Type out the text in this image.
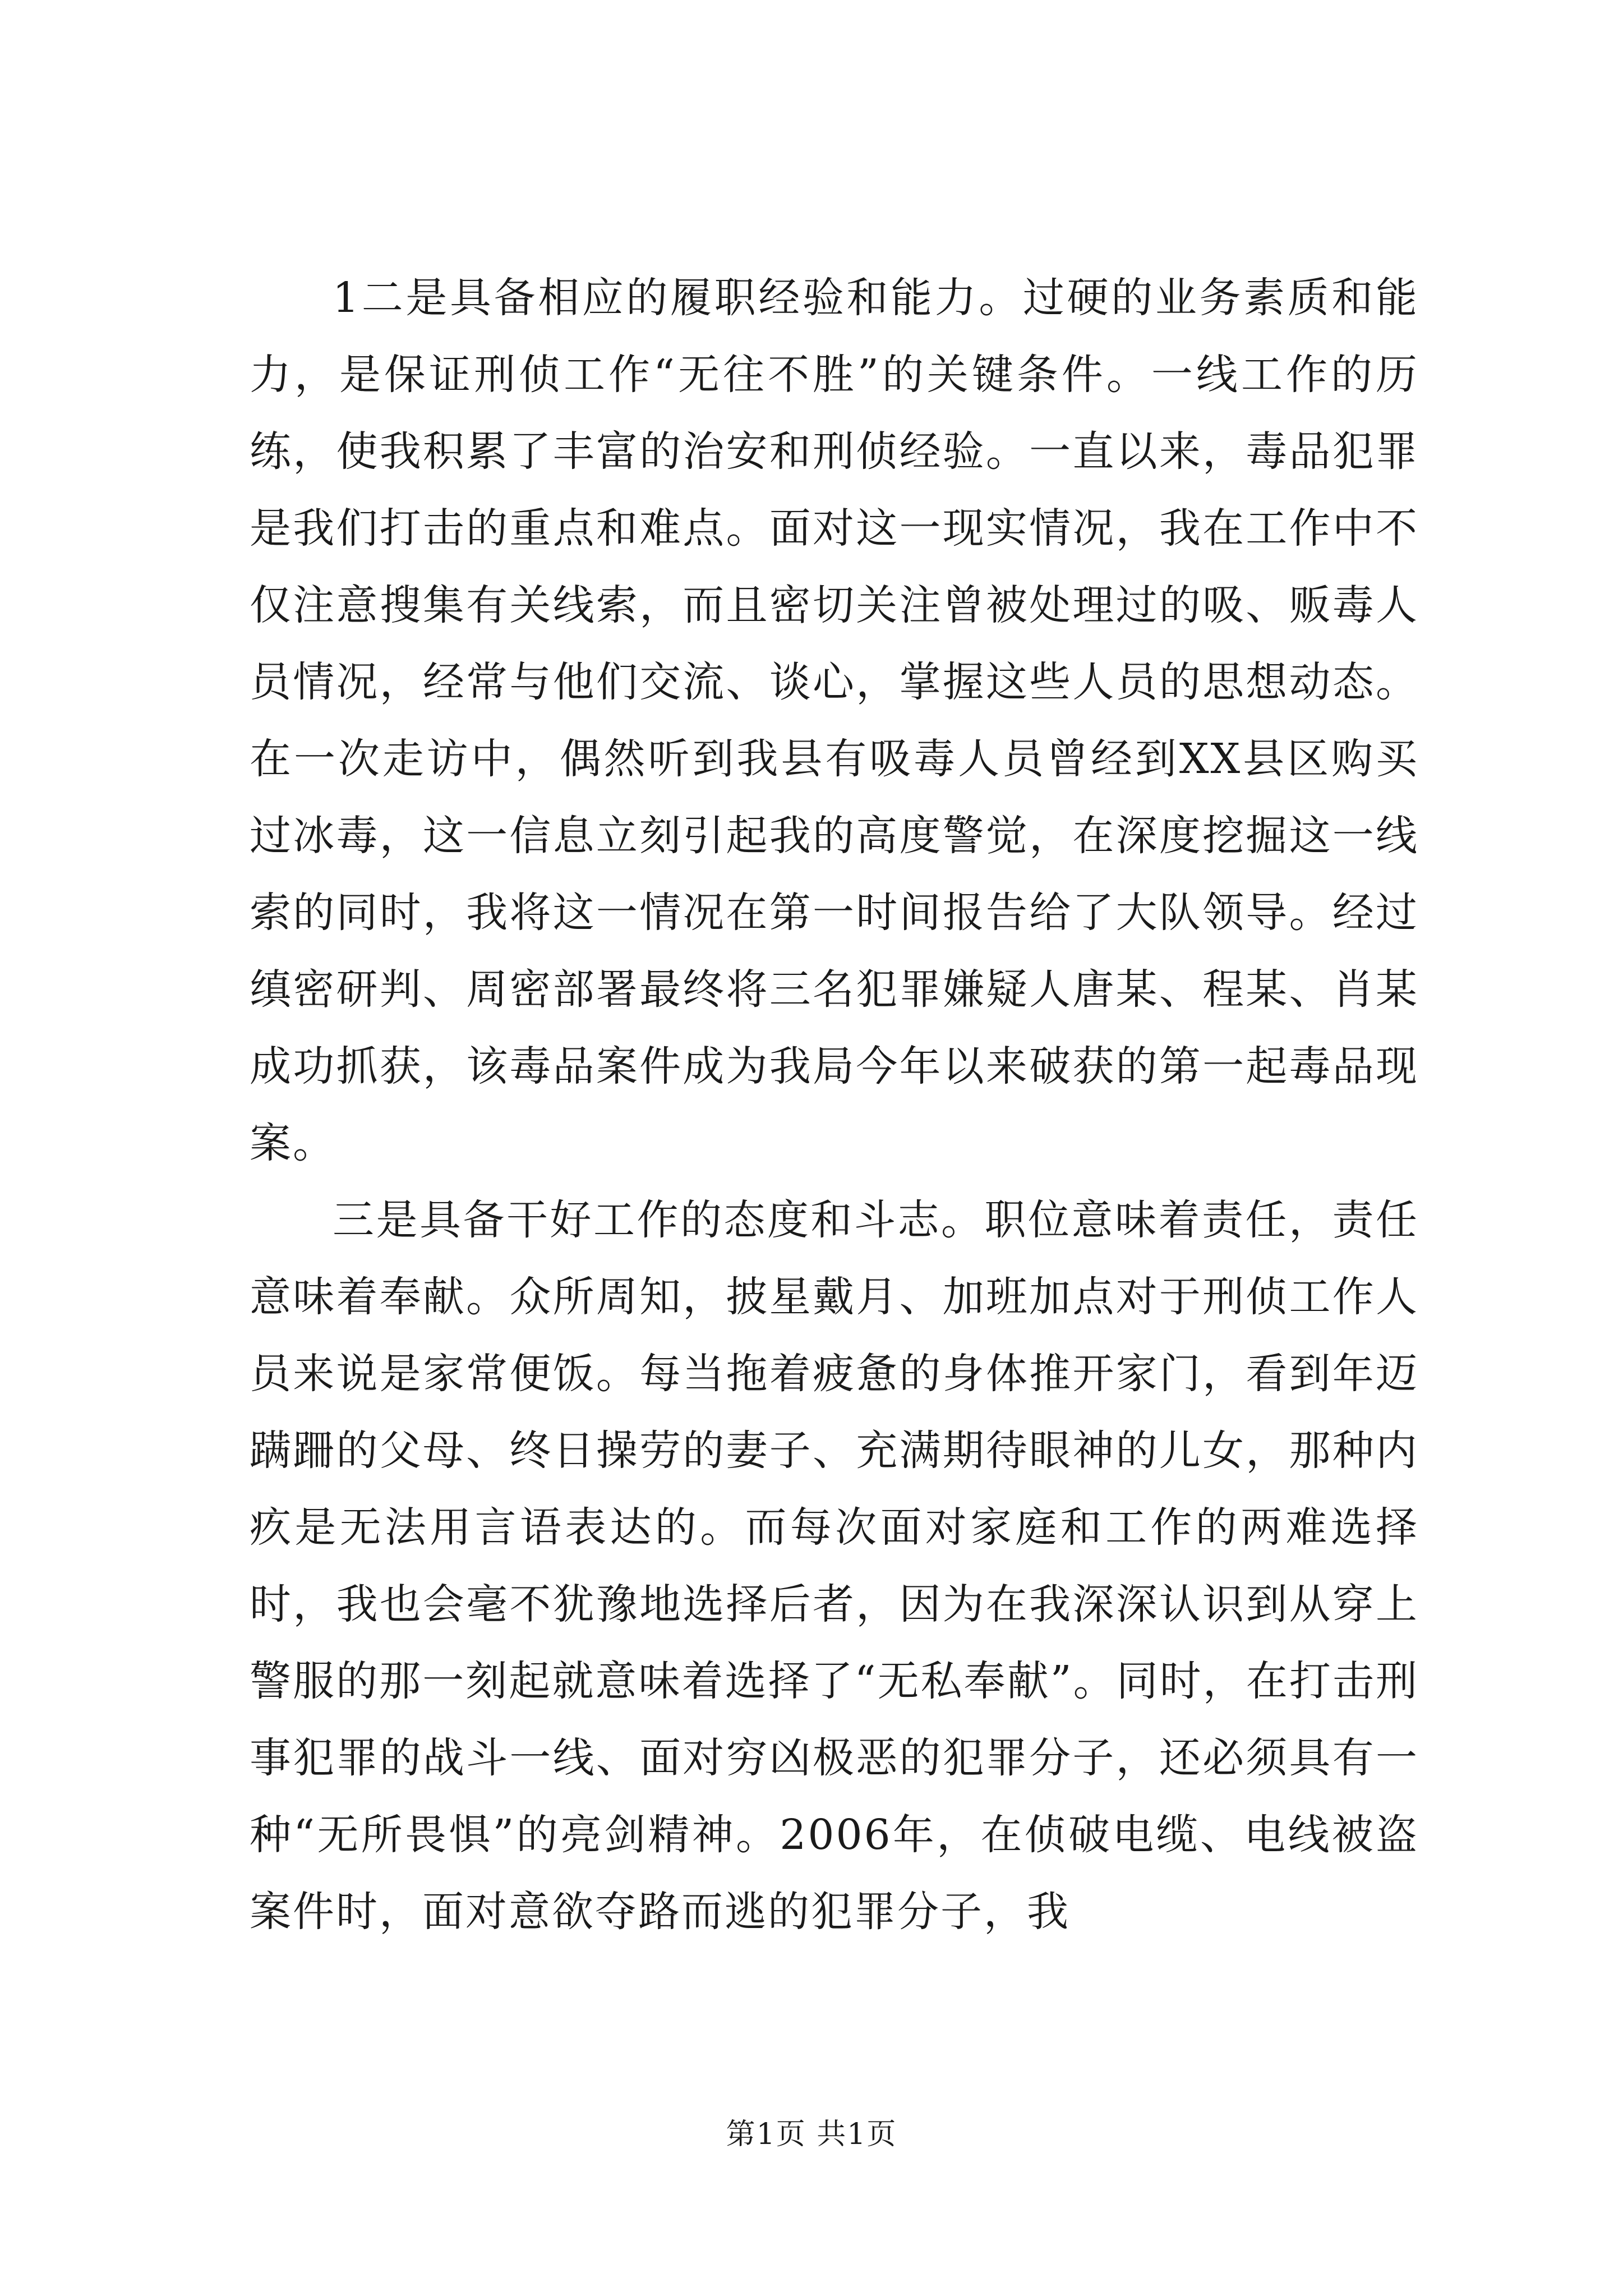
1二是具备相应的履职经验和能力。过硬的业务素质和能力，是保证刑侦工作“无往不胜”的关键条件。一线工作的历练，使我积累了丰富的治安和刑侦经验。一直以来，毒品犯罪是我们打击的重点和难点。面对这一现实情况，我在工作中不仅注意搜集有关线索，而且密切关注曾被处理过的吸、贩毒人员情况，经常与他们交流、谈心，掌握这些人员的思想动态。在一次走访中，偶然听到我县有吸毒人员曾经到XX县区购买过冰毒，这一信息立刻引起我的高度警觉，在深度挖掘这一线索的同时，我将这一情况在第一时间报告给了大队领导。经过缜密研判、周密部署最终将三名犯罪嫌疑人唐某、程某、肖某成功抓获，该毒品案件成为我局今年以来破获的第一起毒品现案。

三是具备干好工作的态度和斗志。职位意味着责任，责任意味着奉献。众所周知，披星戴月、加班加点对于刑侦工作人员来说是家常便饭。每当拖着疲惫的身体推开家门，看到年迈蹒跚的父母、终日操劳的妻子、充满期待眼神的儿女，那种内疚是无法用言语表达的。而每次面对家庭和工作的两难选择时，我也会毫不犹豫地选择后者，因为在我深深认识到从穿上警服的那一刻起就意味着选择了“无私奉献”。同时，在打击刑事犯罪的战斗一线、面对穷凶极恶的犯罪分子，还必须具有一种“无所畏惧”的亮剑精神。2006年，在侦破电缆、电线被盗案件时，面对意欲夺路而逃的犯罪分子，我

第1页 共1页
